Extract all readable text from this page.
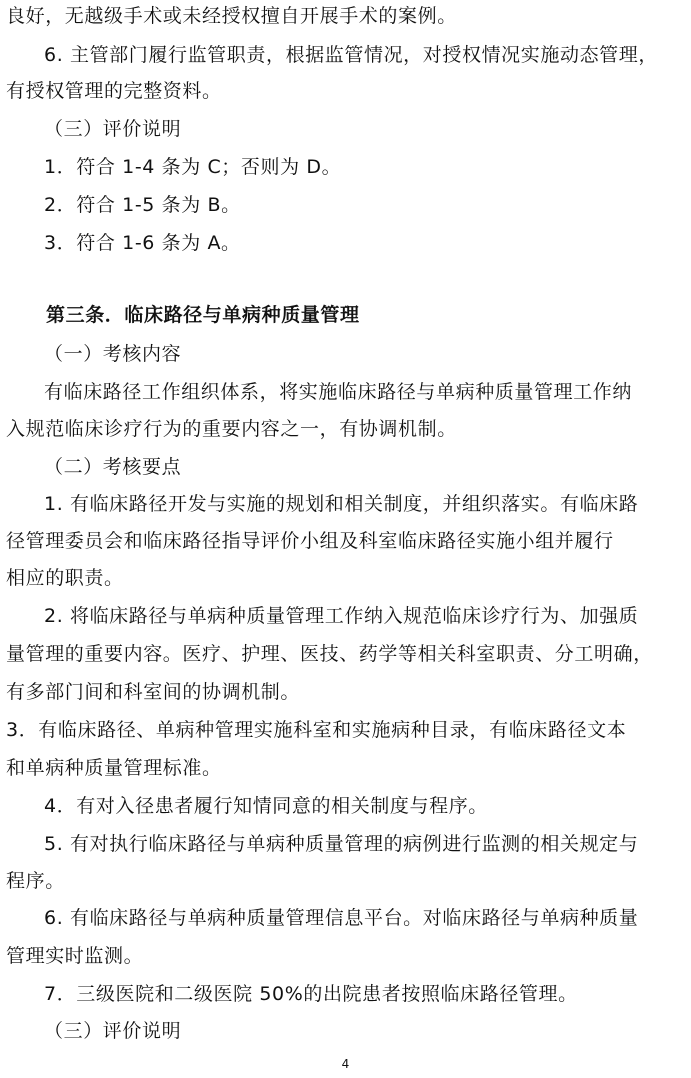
良好，无越级手术或未经授权擅自开展手术的案例。
6. 主管部门履行监管职责，根据监管情况，对授权情况实施动态管理，
有授权管理的完整资料。
（三）评价说明
1．符合 1-4 条为 C；否则为 D。
2．符合 1-5 条为 B。
3．符合 1-6 条为 A。
第三条．临床路径与单病种质量管理
（一）考核内容
有临床路径工作组织体系，将实施临床路径与单病种质量管理工作纳
入规范临床诊疗行为的重要内容之一，有协调机制。
（二）考核要点
1. 有临床路径开发与实施的规划和相关制度，并组织落实。有临床路
径管理委员会和临床路径指导评价小组及科室临床路径实施小组并履行
相应的职责。
2. 将临床路径与单病种质量管理工作纳入规范临床诊疗行为、加强质
量管理的重要内容。医疗、护理、医技、药学等相关科室职责、分工明确，
有多部门间和科室间的协调机制。
3．有临床路径、单病种管理实施科室和实施病种目录，有临床路径文本
和单病种质量管理标准。
4．有对入径患者履行知情同意的相关制度与程序。
5. 有对执行临床路径与单病种质量管理的病例进行监测的相关规定与
程序。
6. 有临床路径与单病种质量管理信息平台。对临床路径与单病种质量
管理实时监测。
7．三级医院和二级医院 50%的出院患者按照临床路径管理。
（三）评价说明
4
